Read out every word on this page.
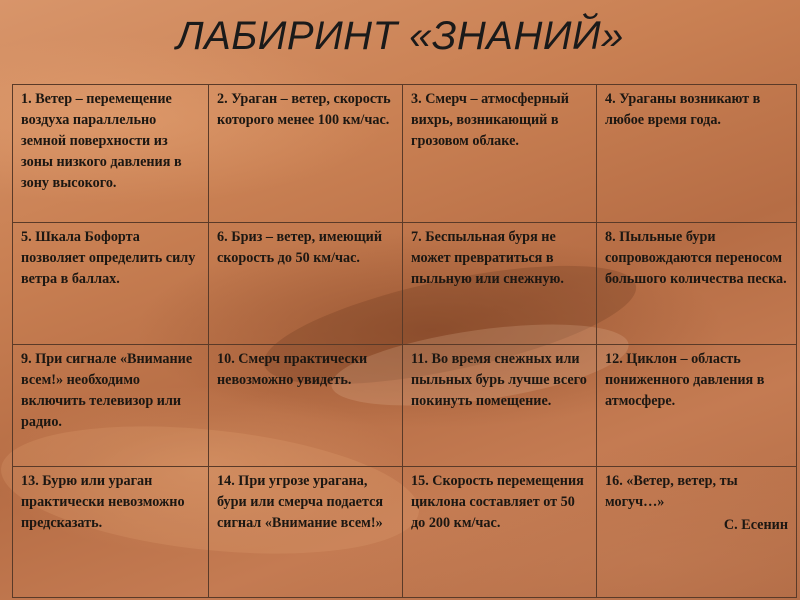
ЛАБИРИНТ «ЗНАНИЙ»
1. Ветер – перемещение воздуха параллельно земной поверхности из зоны низкого давления в зону высокого.	2. Ураган – ветер, скорость которого менее 100 км/час.	3. Смерч – атмосферный вихрь, возникающий в грозовом облаке.	4. Ураганы возникают в любое время года.
5. Шкала Бофорта позволяет определить силу ветра в баллах.	6. Бриз – ветер, имеющий скорость до 50 км/час.	7. Беспыльная буря не может превратиться в пыльную или снежную.	8. Пыльные бури сопровождаются переносом большого количества песка.
9. При сигнале «Внимание всем!» необходимо включить телевизор или радио.	10. Смерч практически невозможно увидеть.	11. Во время снежных или пыльных бурь лучше всего покинуть помещение.	12. Циклон – область пониженного давления в атмосфере.
13. Бурю или ураган практически невозможно предсказать.	14. При угрозе урагана, бури или смерча подается сигнал «Внимание всем!»	15. Скорость перемещения циклона составляет от 50 до 200 км/час.	16. «Ветер, ветер, ты могуч…»
С. Есенин
